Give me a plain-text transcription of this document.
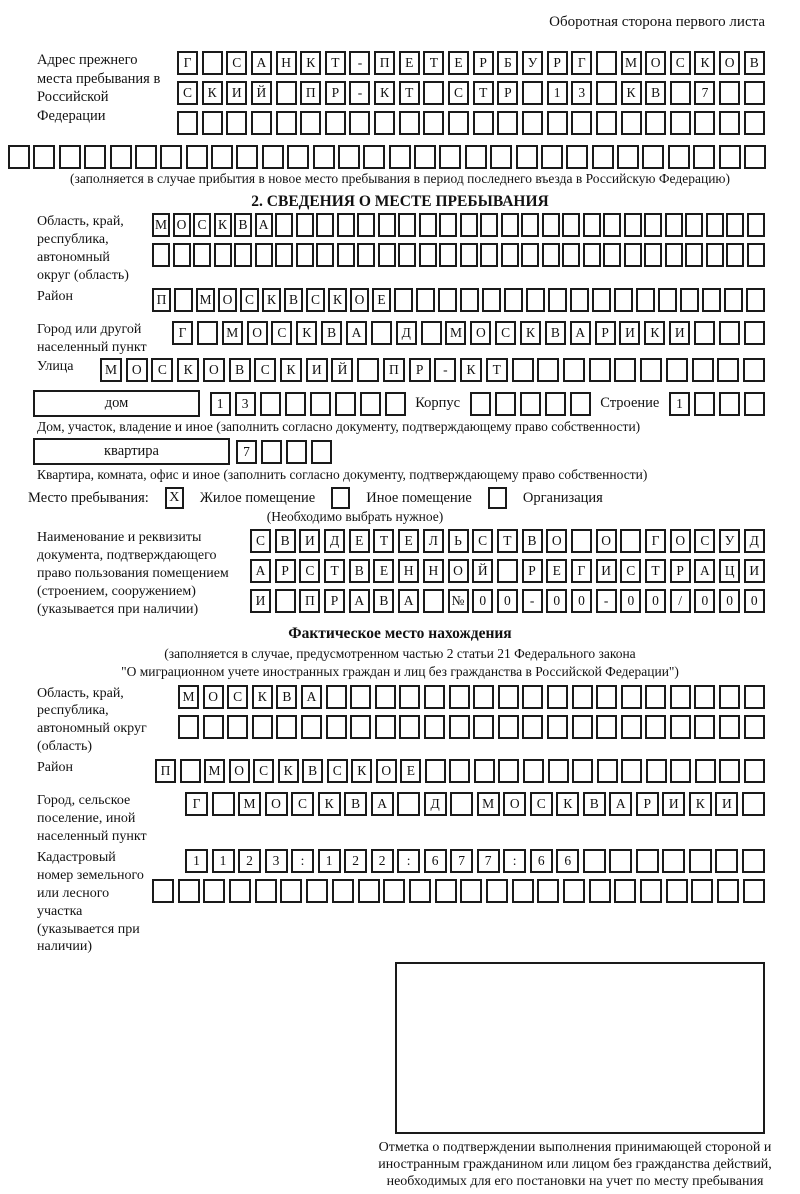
Оборотная сторона первого листа
Адрес прежнего места пребывания в Российской Федерации
Г	С	А	Н	К	Т	-	П	Е	Т	Е	Р	Б	У	Р	Г	М	О	С	К	О	В
С	К	И	Й	П	Р	-	К	Т	С	Т	Р	1	3	К	В	7
(заполняется в случае прибытия в новое место пребывания в период последнего въезда в Российскую Федерацию)
2. СВЕДЕНИЯ О МЕСТЕ ПРЕБЫВАНИЯ
Область, край, республика, автономный округ (область)
М О С К В А
Район	П	М О С К В С К О Е
Город или другой населенный пункт
Г	М	О	С	К	В	А	Д	М	О	С	К	В	А	Р	И	К	И
Улица	М	О	С	К	О	В	С	К	И	Й	П	Р	-	К	Т
дом	1	3	Корпус	Строение	1
Дом, участок, владение и иное (заполнить согласно документу, подтверждающему право собственности)
квартира	7
Квартира, комната, офис и иное (заполнить согласно документу, подтверждающему право собственности)
Место пребывания:	X	Жилое помещение	Иное помещение	Организация
(Необходимо выбрать нужное)
Наименование и реквизиты документа, подтверждающего право пользования помещением (строением, сооружением) (указывается при наличии)
С	В	И	Д	Е	Т	Е	Л	Ь	С	Т	В	О	О	Г	О	С	У	Д
А	Р	С	Т	В	Е	Н	Н	О	Й	Р	Е	Г	И	С	Т	Р	А	Ц	И
И	П	Р	А	В	А	№	0	0	-	0	0	-	0	0	/	0	0	0
Фактическое место нахождения
(заполняется в случае, предусмотренном частью 2 статьи 21 Федерального закона
"О миграционном учете иностранных граждан и лиц без гражданства в Российской Федерации")
Область, край, республика, автономный округ (область)
М	О	С	К	В	А
Район	П	М	О	С	К	В	С	К	О	Е
Город, сельское поселение, иной населенный пункт
Г	М	О	С	К	В	А	Д	М	О	С	К	В	А	Р	И	К	И
Кадастровый номер земельного или лесного участка (указывается при наличии)
1	1	2	3	:	1	2	2	:	6	7	7	:	6	6
Отметка о подтверждении выполнения принимающей стороной и иностранным гражданином или лицом без гражданства действий, необходимых для его постановки на учет по месту пребывания
